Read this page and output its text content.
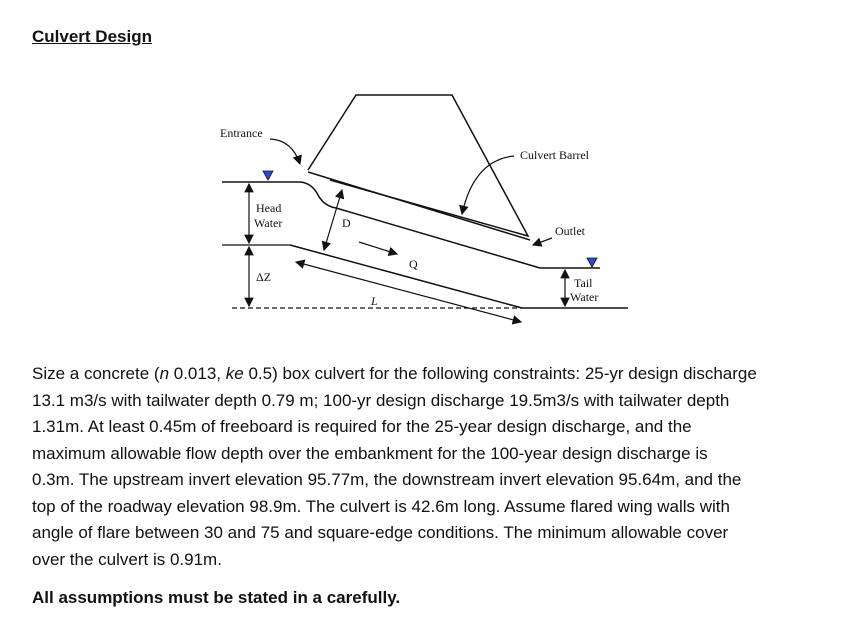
Culvert Design
Entrance
Culvert Barrel
Head
Water	D
Q
Outlet
Tail
Water
ΔZ
L
Size a concrete (n 0.013, ke 0.5) box culvert for the following constraints: 25-yr design discharge
13.1 m3/s with tailwater depth 0.79 m; 100-yr design discharge 19.5m3/s with tailwater depth
1.31m. At least 0.45m of freeboard is required for the 25-year design discharge, and the
maximum allowable flow depth over the embankment for the 100-year design discharge is
0.3m. The upstream invert elevation 95.77m, the downstream invert elevation 95.64m, and the
top of the roadway elevation 98.9m. The culvert is 42.6m long. Assume flared wing walls with
angle of flare between 30 and 75 and square-edge conditions. The minimum allowable cover
over the culvert is 0.91m.
All assumptions must be stated in a carefully.
